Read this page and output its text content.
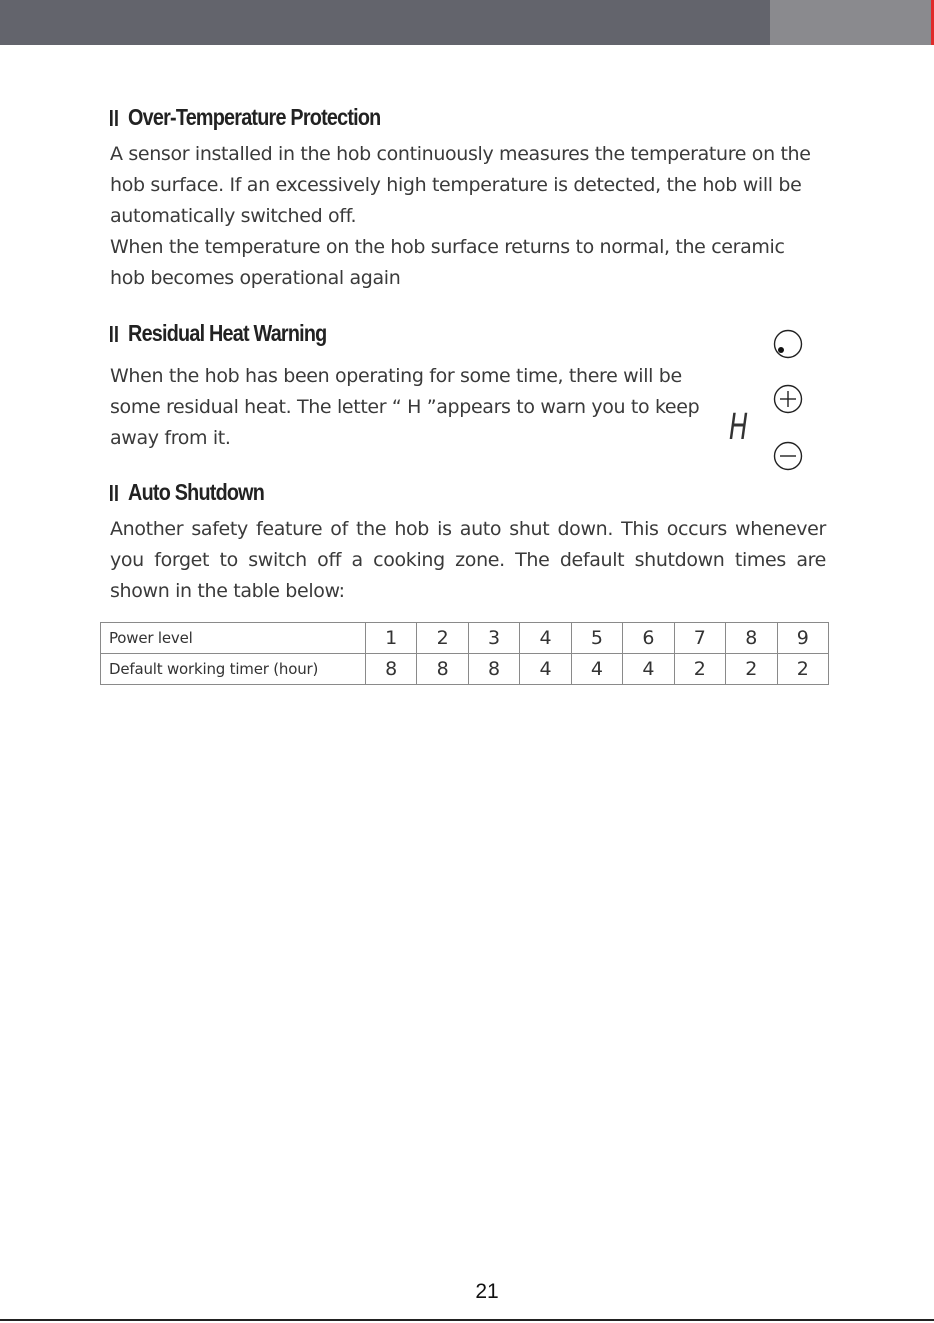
Over-Temperature Protection

A sensor installed in the hob continuously measures the temperature on the hob surface. If an excessively high temperature is detected, the hob will be automatically switched off.

When the temperature on the hob surface returns to normal, the ceramic hob becomes operational again

Residual Heat Warning

When the hob has been operating for some time, there will be some residual heat. The letter “ H ”appears to warn you to keep away from it.	H
Auto Shutdown

Another safety feature of the hob is auto shut down. This occurs whenever you forget to switch off a cooking zone. The default shutdown times are shown in the table below:

Power level	1	2	3	4	5	6	7	8	9
Default working timer (hour)	8	8	8	4	4	4	2	2	2
21
